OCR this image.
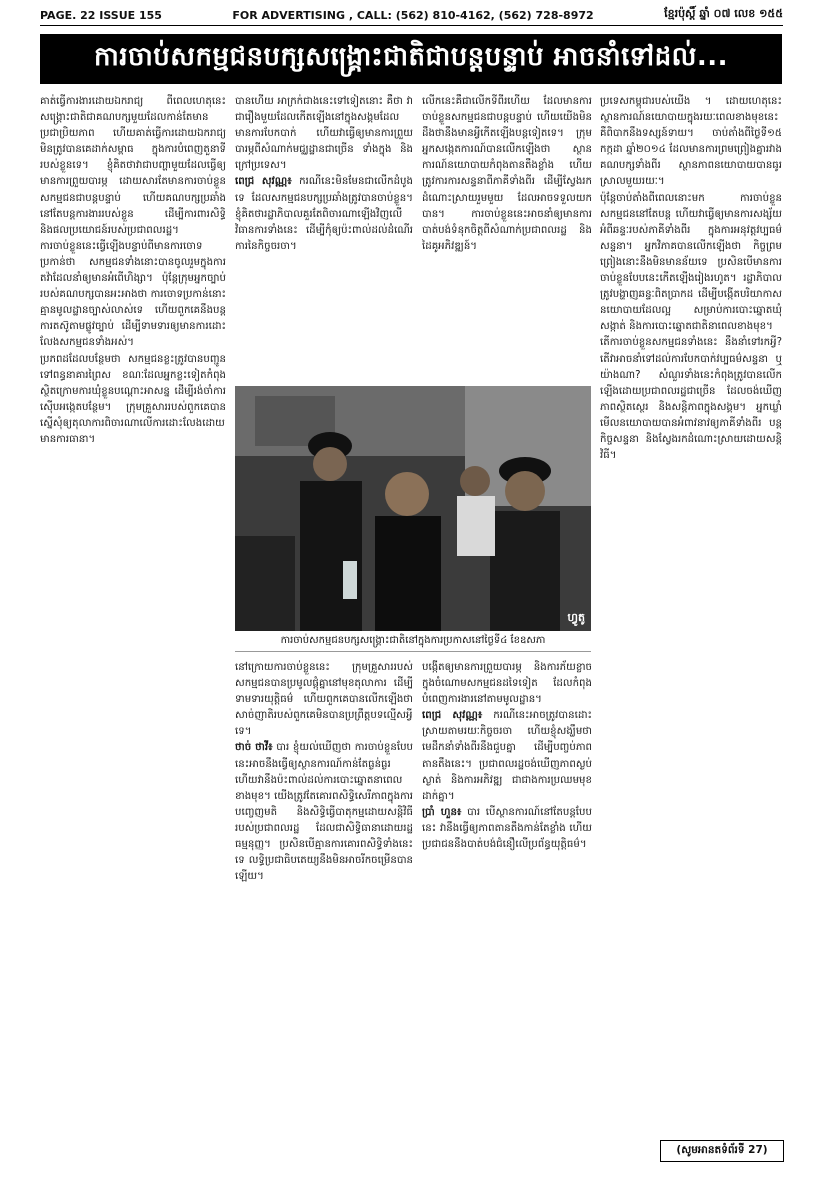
PAGE. 22 ISSUE 155	FOR ADVERTISING , CALL: (562) 810-4162, (562) 728-8972	ខ្មែរប៉ុស្តិ៍ ឆ្នាំ ០៧ លេខ ១៥៥
ការចាប់សកម្មជនបក្សសង្គ្រោះជាតិជាបន្តបន្ទាប់ អាចនាំទៅដល់...

គាត់ធ្វើការងារដោយឯករាជ្យ ពីពេលហេតុនេះ សង្គ្រោះជាតិជាគណបក្សមួយដែលកាន់តែមានប្រជាប្រិយភាព ហើយគាត់ធ្វើការដោយឯករាជ្យ មិនត្រូវបានគេដាក់សម្ពាធ ក្នុងការបំពេញតួនាទីរបស់ខ្លួនទេ។ ខ្ញុំគិតថាវាជាបញ្ហាមួយដែលធ្វើឲ្យមានការព្រួយបារម្ភ ដោយសារតែមានការចាប់ខ្លួនសកម្មជនជាបន្តបន្ទាប់ ហើយគណបក្សប្រឆាំងនៅតែបន្តការងាររបស់ខ្លួន ដើម្បីការពារសិទ្ធិ និងផលប្រយោជន៍របស់ប្រជាពលរដ្ឋ។

ការចាប់ខ្លួននេះធ្វើឡើងបន្ទាប់ពីមានការចោទប្រកាន់ថា សកម្មជនទាំងនោះបានចូលរួមក្នុងការតវ៉ាដែលនាំឲ្យមានអំពើហិង្សា។ ប៉ុន្តែក្រុមអ្នកច្បាប់របស់គណបក្សបានអះអាងថា ការចោទប្រកាន់នោះគ្មានមូលដ្ឋានច្បាស់លាស់ទេ ហើយពួកគេនឹងបន្តការតស៊ូតាមផ្លូវច្បាប់ ដើម្បីទាមទារឲ្យមានការដោះលែងសកម្មជនទាំងអស់។

ប្រភពដដែលបន្ថែមថា សកម្មជនខ្លះត្រូវបានបញ្ជូនទៅពន្ធនាគារព្រៃស ខណៈដែលអ្នកខ្លះទៀតកំពុងស្ថិតក្រោមការឃុំខ្លួនបណ្តោះអាសន្ន ដើម្បីរង់ចាំការស៊ើបអង្កេតបន្ថែម។ ក្រុមគ្រួសាររបស់ពួកគេបានស្នើសុំឲ្យតុលាការពិចារណាលើការដោះលែងដោយមានការធានា។

បានហើយ អាក្រក់ជាងនេះទៅទៀតនោះ គឺថា វាជារឿងមួយដែលកើតឡើងនៅក្នុងសង្គមដែលមានការបែកបាក់ ហើយវាធ្វើឲ្យមានការព្រួយបារម្ភពីសំណាក់មជ្ឈដ្ឋានជាច្រើន ទាំងក្នុង និងក្រៅប្រទេស។

ពេជ្រ សុវណ្ណ៖ ករណីនេះមិនមែនជាលើកដំបូងទេ ដែលសកម្មជនបក្សប្រឆាំងត្រូវបានចាប់ខ្លួន។ ខ្ញុំគិតថារដ្ឋាភិបាលគួរតែពិចារណាឡើងវិញលើវិធានការទាំងនេះ ដើម្បីកុំឲ្យប៉ះពាល់ដល់ដំណើរការនៃកិច្ចចរចា។

លើកនេះគឺជាលើកទីពីរហើយ ដែលមានការចាប់ខ្លួនសកម្មជនជាបន្តបន្ទាប់ ហើយយើងមិនដឹងថានឹងមានអ្វីកើតឡើងបន្តទៀតទេ។ ក្រុមអ្នកសង្កេតការណ៍បានលើកឡើងថា ស្ថានការណ៍នយោបាយកំពុងតានតឹងខ្លាំង ហើយត្រូវការការសន្ទនាពីភាគីទាំងពីរ ដើម្បីស្វែងរកដំណោះស្រាយរួមមួយ ដែលអាចទទួលយកបាន។ ការចាប់ខ្លួននេះអាចនាំឲ្យមានការបាត់បង់ទំនុកចិត្តពីសំណាក់ប្រជាពលរដ្ឋ និងដៃគូអភិវឌ្ឍន៍។

ហ្វូតូ
ការចាប់សកម្មជនបក្សសង្គ្រោះជាតិនៅក្នុងការប្រកាសនៅថ្ងៃទី៤ ខែឧសភា

នៅក្រោយការចាប់ខ្លួននេះ ក្រុមគ្រួសាររបស់សកម្មជនបានប្រមូលផ្តុំគ្នានៅមុខតុលាការ ដើម្បីទាមទារយុត្តិធម៌ ហើយពួកគេបានលើកឡើងថា សាច់ញាតិរបស់ពួកគេមិនបានប្រព្រឹត្តបទល្មើសអ្វីទេ។

ថាច់ ថាវី៖ បារ ខ្ញុំយល់ឃើញថា ការចាប់ខ្លួនបែបនេះអាចនឹងធ្វើឲ្យស្ថានការណ៍កាន់តែធ្ងន់ធ្ងរ ហើយវានឹងប៉ះពាល់ដល់ការបោះឆ្នោតនាពេលខាងមុខ។ យើងត្រូវតែគោរពសិទ្ធិសេរីភាពក្នុងការបញ្ចេញមតិ និងសិទ្ធិធ្វើបាតុកម្មដោយសន្តិវិធីរបស់ប្រជាពលរដ្ឋ ដែលជាសិទ្ធិធានាដោយរដ្ឋធម្មនុញ្ញ។ ប្រសិនបើគ្មានការគោរពសិទ្ធិទាំងនេះទេ លទ្ធិប្រជាធិបតេយ្យនឹងមិនអាចរីកចម្រើនបានឡើយ។

បង្កើតឲ្យមានការព្រួយបារម្ភ និងការភ័យខ្លាចក្នុងចំណោមសកម្មជនដទៃទៀត ដែលកំពុងបំពេញការងារនៅតាមមូលដ្ឋាន។

ពេជ្រ សុវណ្ណ៖ ករណីនេះអាចត្រូវបានដោះស្រាយតាមរយៈកិច្ចចរចា ហើយខ្ញុំសង្ឃឹមថា មេដឹកនាំទាំងពីរនឹងជួបគ្នា ដើម្បីបញ្ចប់ភាពតានតឹងនេះ។ ប្រជាពលរដ្ឋចង់ឃើញភាពស្ងប់ស្ងាត់ និងការអភិវឌ្ឍ ជាជាងការប្រឈមមុខដាក់គ្នា។

ប្រាំ ហួន៖ បារ បើស្ថានការណ៍នៅតែបន្តបែបនេះ វានឹងធ្វើឲ្យភាពតានតឹងកាន់តែខ្លាំង ហើយប្រជាជននឹងបាត់បង់ជំនឿលើប្រព័ន្ធយុត្តិធម៌។

ប្រទេសកម្ពុជារបស់យើង ។ ដោយហេតុនេះ ស្ថានការណ៍នយោបាយក្នុងរយៈពេលខាងមុខនេះ គឺពិបាកនឹងទស្សន៍ទាយ។ ចាប់តាំងពីថ្ងៃទី១៥ កក្កដា ឆ្នាំ២០១៤ ដែលមានការព្រមព្រៀងគ្នារវាងគណបក្សទាំងពីរ ស្ថានភាពនយោបាយបានធូរស្រាលមួយរយៈ។

ប៉ុន្តែចាប់តាំងពីពេលនោះមក ការចាប់ខ្លួនសកម្មជននៅតែបន្ត ហើយវាធ្វើឲ្យមានការសង្ស័យអំពីឆន្ទៈរបស់ភាគីទាំងពីរ ក្នុងការអនុវត្តវប្បធម៌សន្ទនា។ អ្នកវិភាគបានលើកឡើងថា កិច្ចព្រមព្រៀងនោះនឹងមិនមានន័យទេ ប្រសិនបើមានការចាប់ខ្លួនបែបនេះកើតឡើងរៀងរហូត។ រដ្ឋាភិបាលត្រូវបង្ហាញឆន្ទៈពិតប្រាកដ ដើម្បីបង្កើតបរិយាកាសនយោបាយដែលល្អ សម្រាប់ការបោះឆ្នោតឃុំសង្កាត់ និងការបោះឆ្នោតជាតិនាពេលខាងមុខ។

តើការចាប់ខ្លួនសកម្មជនទាំងនេះ នឹងនាំទៅរកអ្វី? តើវាអាចនាំទៅដល់ការបែកបាក់វប្បធម៌សន្ទនា ឬយ៉ាងណា? សំណួរទាំងនេះកំពុងត្រូវបានលើកឡើងដោយប្រជាពលរដ្ឋជាច្រើន ដែលចង់ឃើញភាពស្ថិតស្ថេរ និងសន្តិភាពក្នុងសង្គម។ អ្នកឃ្លាំមើលនយោបាយបានអំពាវនាវឲ្យភាគីទាំងពីរ បន្តកិច្ចសន្ទនា និងស្វែងរកដំណោះស្រាយដោយសន្តិវិធី។

(សូមអានតទំព័រទី 27)
